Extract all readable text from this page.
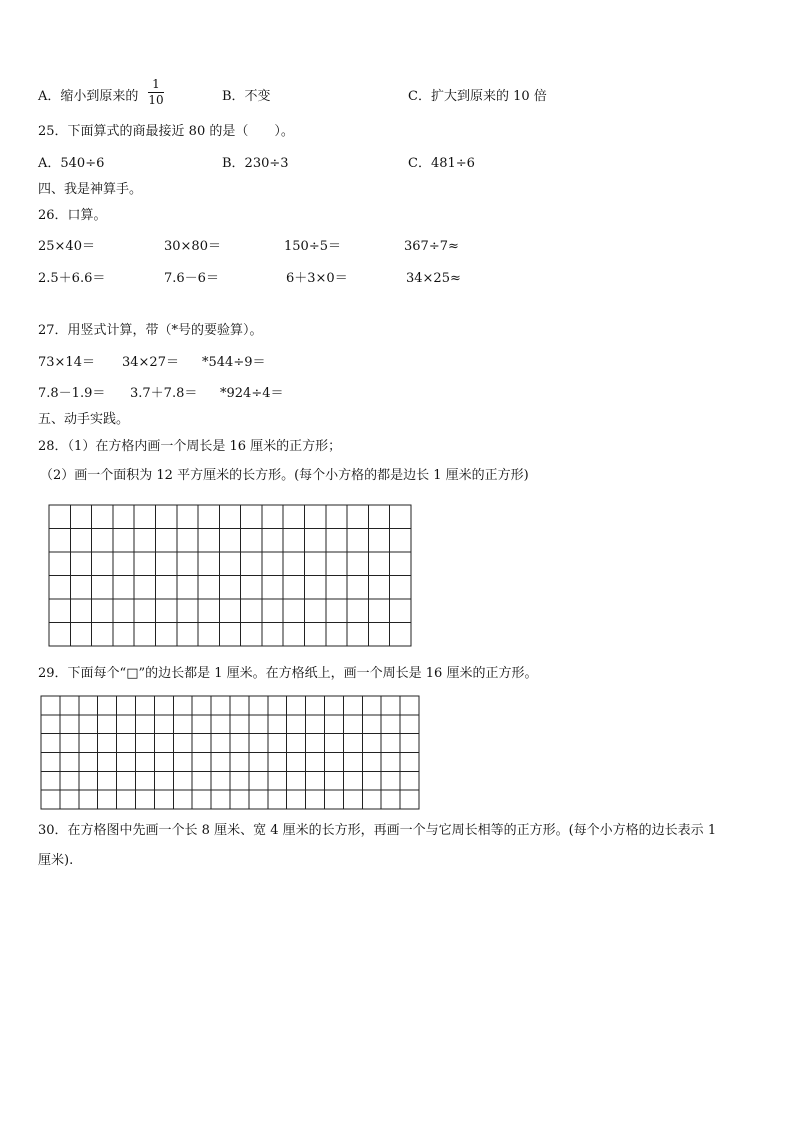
A．缩小到原来的
1
10	B．不变	C．扩大到原来的 10 倍
25．下面算式的商最接近 80 的是（　　）。
A．540÷6	B．230÷3	C．481÷6
四、我是神算手。
26．口算。
25×40＝	30×80＝	150÷5＝	367÷7≈
2.5＋6.6＝	7.6－6＝	6＋3×0＝	34×25≈
27．用竖式计算，带（*号的要验算）。
73×14＝ 34×27＝ *544÷9＝
7.8－1.9＝ 3.7＋7.8＝ *924÷4＝
五、动手实践。
28．（1）在方格内画一个周长是 16 厘米的正方形；
（2）画一个面积为 12 平方厘米的长方形。(每个小方格的都是边长 1 厘米的正方形)
29．下面每个“□”的边长都是 1 厘米。在方格纸上，画一个周长是 16 厘米的正方形。
30．在方格图中先画一个长 8 厘米、宽 4 厘米的长方形，再画一个与它周长相等的正方形。(每个小方格的边长表示 1
厘米).
